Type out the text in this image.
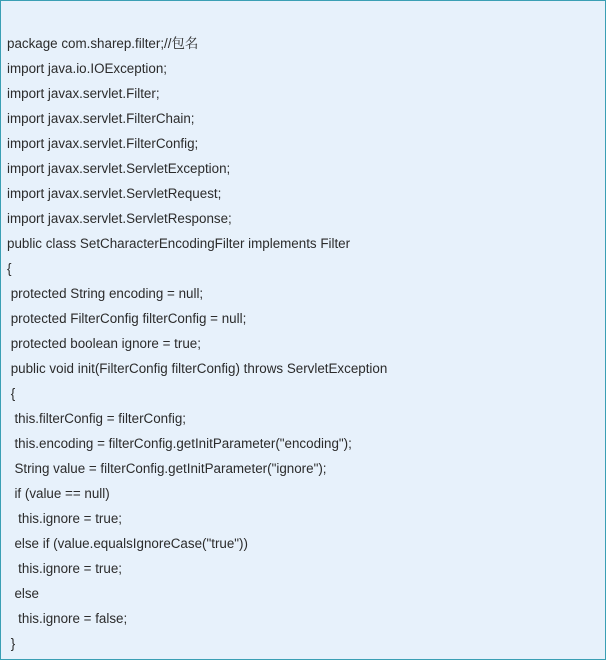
package com.sharep.filter;//包名
import java.io.IOException;
import javax.servlet.Filter;
import javax.servlet.FilterChain;
import javax.servlet.FilterConfig;
import javax.servlet.ServletException;
import javax.servlet.ServletRequest;
import javax.servlet.ServletResponse;
public class SetCharacterEncodingFilter implements Filter
{
protected String encoding = null;
protected FilterConfig filterConfig = null;
protected boolean ignore = true;
public void init(FilterConfig filterConfig) throws ServletException
{
this.filterConfig = filterConfig;
this.encoding = filterConfig.getInitParameter("encoding");
String value = filterConfig.getInitParameter("ignore");
if (value == null)
this.ignore = true;
else if (value.equalsIgnoreCase("true"))
this.ignore = true;
else
this.ignore = false;
}
